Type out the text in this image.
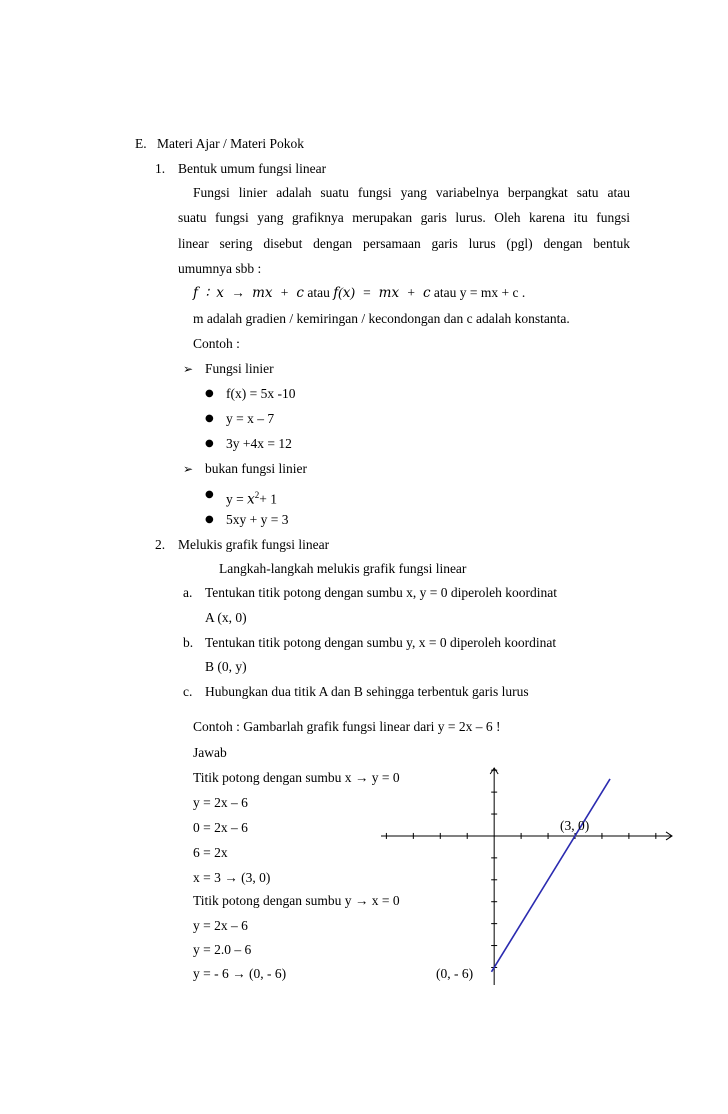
E. Materi Ajar / Materi Pokok
1. Bentuk umum fungsi linear
Fungsi linier adalah suatu fungsi yang variabelnya berpangkat satu atau
suatu fungsi yang grafiknya merupakan garis lurus. Oleh karena itu fungsi
linear sering disebut dengan persamaan garis lurus (pgl) dengan bentuk
umumnya sbb :
𝑓 ∶ 𝑥 → 𝑚𝑥 + 𝑐 atau 𝑓(𝑥) = 𝑚𝑥 + 𝑐 atau y = mx + c .
m adalah gradien / kemiringan / kecondongan dan c adalah konstanta.
Contoh :
➢ Fungsi linier
● f(x) = 5x -10
● y = x – 7
● 3y +4x = 12
➢ bukan fungsi linier
● y = 𝑥$^2$+ 1
● 5xy + y = 3
2. Melukis grafik fungsi linear
Langkah-langkah melukis grafik fungsi linear
a. Tentukan titik potong dengan sumbu x, y = 0 diperoleh koordinat
A (x, 0)
b. Tentukan titik potong dengan sumbu y, x = 0 diperoleh koordinat
B (0, y)
c. Hubungkan dua titik A dan B sehingga terbentuk garis lurus
Contoh : Gambarlah grafik fungsi linear dari y = 2x – 6 !
Jawab
Titik potong dengan sumbu x → y = 0
y = 2x – 6
0 = 2x – 6
6 = 2x
x = 3 → (3, 0)
Titik potong dengan sumbu y → x = 0
y = 2x – 6
y = 2.0 – 6
y = - 6 → (0, - 6)
(3, 0)
(0, - 6)
